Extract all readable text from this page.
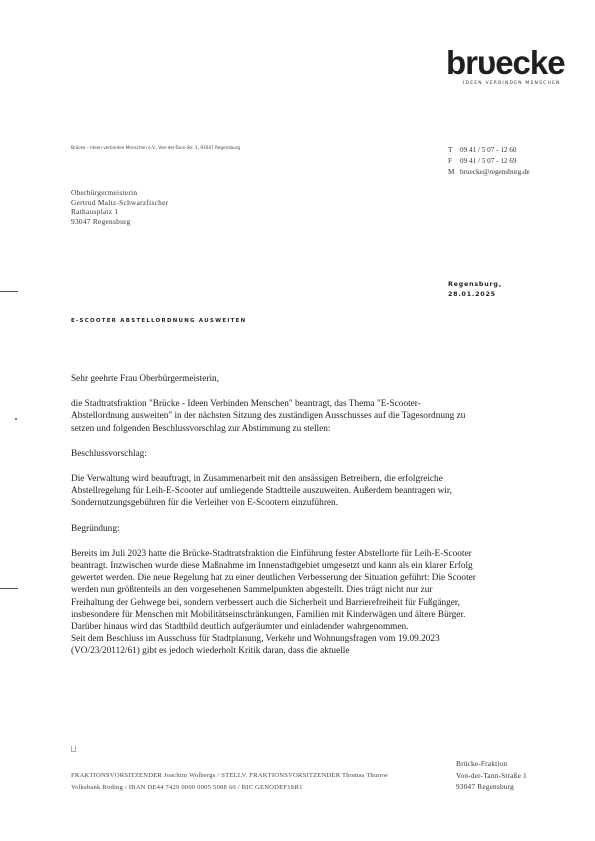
brυecke
IDEEN VERBINDEN MENSCHEN
Brücke – Ideen verbinden Menschen e.V., Von-der-Tann-Str. 1, 93047 Regensburg	T 09 41 / 5 07 - 12 60
F 09 41 / 5 07 - 12 69
M bruecke@regensburg.de
Oberbürgermeisterin
Gertrud Maltz-Schwarzfischer
Rathausplatz 1
93047 Regensburg
Regensburg,
28.01.2025
E-SCOOTER ABSTELLORDNUNG AUSWEITEN

Sehr geehrte Frau Oberbürgermeisterin,

die Stadtratsfraktion "Brücke - Ideen Verbinden Menschen" beantragt, das Thema "E-Scooter-Abstellordnung ausweiten" in der nächsten Sitzung des zuständigen Ausschusses auf die Tagesordnung zu setzen und folgenden Beschlussvorschlag zur Abstimmung zu stellen:

Beschlussvorschlag:

Die Verwaltung wird beauftragt, in Zusammenarbeit mit den ansässigen Betreibern, die erfolgreiche Abstellregelung für Leih-E-Scooter auf umliegende Stadtteile auszuweiten. Außerdem beantragen wir, Sondernutzungsgebühren für die Verleiher von E-Scootern einzuführen.

Begründung:

Bereits im Juli 2023 hatte die Brücke-Stadtratsfraktion die Einführung fester Abstellorte für Leih-E-Scooter beantragt. Inzwischen wurde diese Maßnahme im Innenstadtgebiet umgesetzt und kann als ein klarer Erfolg gewertet werden. Die neue Regelung hat zu einer deutlichen Verbesserung der Situation geführt: Die Scooter werden nun größtenteils an den vorgesehenen Sammelpunkten abgestellt. Dies trägt nicht nur zur Freihaltung der Gehwege bei, sondern verbessert auch die Sicherheit und Barrierefreiheit für Fußgänger, insbesondere für Menschen mit Mobilitätseinschränkungen, Familien mit Kinderwägen und ältere Bürger. Darüber hinaus wird das Stadtbild deutlich aufgeräumter und einladender wahrgenommen.

Seit dem Beschluss im Ausschuss für Stadtplanung, Verkehr und Wohnungsfragen vom 19.09.2023 (VO/23/20112/61) gibt es jedoch wiederholt Kritik daran, dass die aktuelle

FRAKTIONSVORSITZENDER Joachim Wolbergs / STELLV. FRAKTIONSVORSITZENDER Thomas Thurow
Volksbank Roding / IBAN DE44 7429 0000 0005 5088 60 / BIC GENODEF1SR1
Brücke-Fraktion
Von-der-Tann-Straße 1
93047 Regensburg
